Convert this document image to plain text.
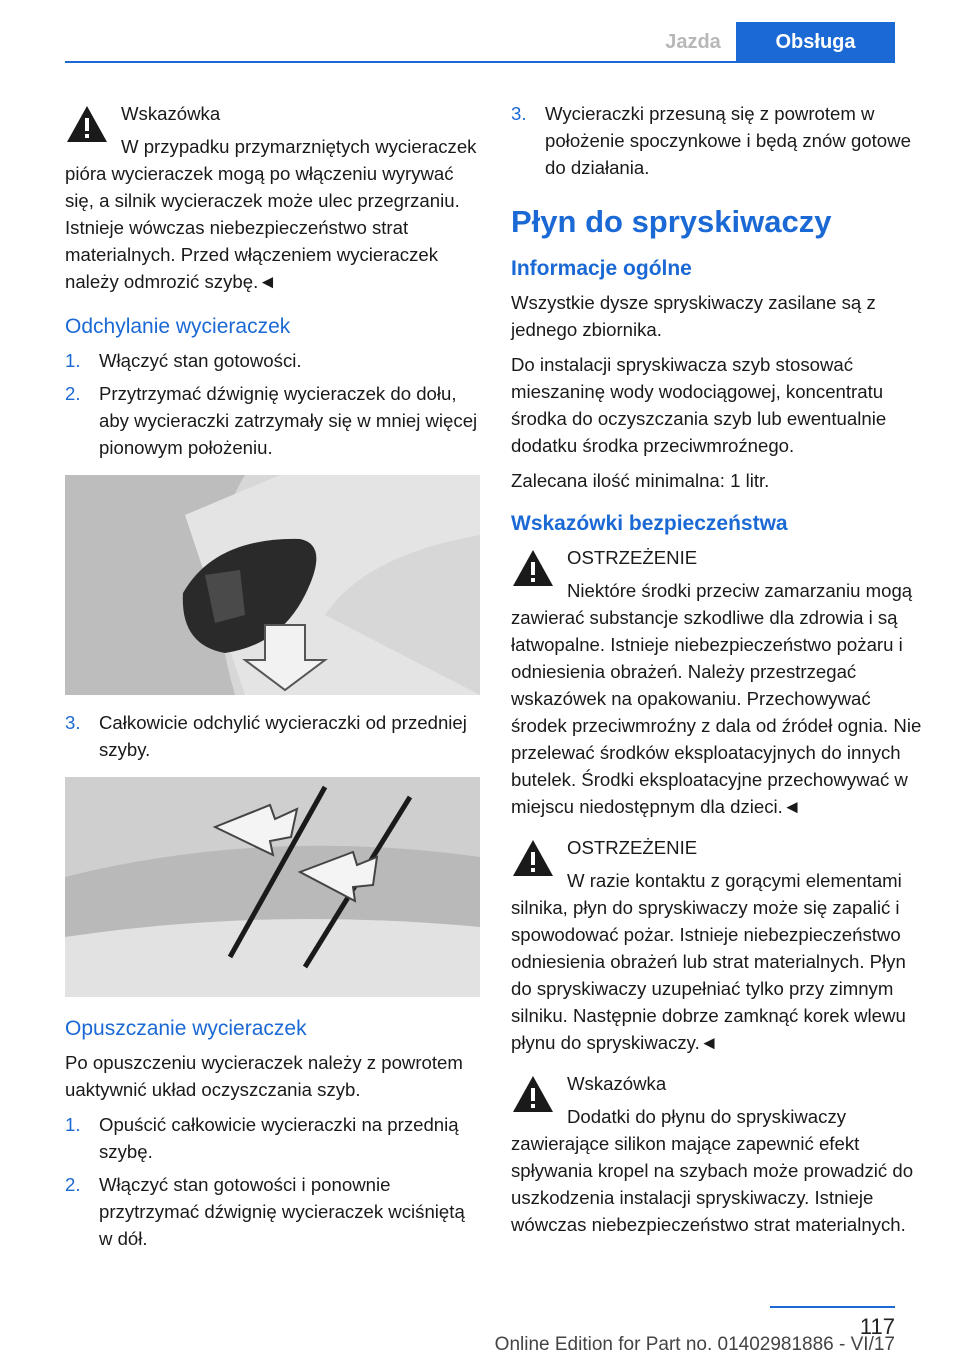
Jazda	Obsługa

Wskazówka

W przypadku przymarzniętych wycieraczek pióra wycieraczek mogą po włączeniu wyrywać się, a silnik wycieraczek może ulec przegrzaniu. Istnieje wówczas niebezpieczeństwo strat materialnych. Przed włączeniem wycieraczek należy odmrozić szybę.◄

Odchylanie wycieraczek
1. Włączyć stan gotowości.
2. Przytrzymać dźwignię wycieraczek do dołu, aby wycieraczki zatrzymały się w mniej więcej pionowym położeniu.
3. Całkowicie odchylić wycieraczki od przedniej szyby.
Opuszczanie wycieraczek

Po opuszczeniu wycieraczek należy z powrotem uaktywnić układ oczyszczania szyb.

1. Opuścić całkowicie wycieraczki na przednią szybę.
2. Włączyć stan gotowości i ponownie przytrzymać dźwignię wycieraczek wciśniętą w dół.
3. Wycieraczki przesuną się z powrotem w położenie spoczynkowe i będą znów gotowe do działania.
Płyn do spryskiwaczy
Informacje ogólne

Wszystkie dysze spryskiwaczy zasilane są z jednego zbiornika.

Do instalacji spryskiwacza szyb stosować mieszaninę wody wodociągowej, koncentratu środka do oczyszczania szyb lub ewentualnie dodatku środka przeciwmroźnego.

Zalecana ilość minimalna: 1 litr.

Wskazówki bezpieczeństwa

OSTRZEŻENIE

Niektóre środki przeciw zamarzaniu mogą zawierać substancje szkodliwe dla zdrowia i są łatwopalne. Istnieje niebezpieczeństwo pożaru i odniesienia obrażeń. Należy przestrzegać wskazówek na opakowaniu. Przechowywać środek przeciwmroźny z dala od źródeł ognia. Nie przelewać środków eksploatacyjnych do innych butelek. Środki eksploatacyjne przechowywać w miejscu niedostępnym dla dzieci.◄

OSTRZEŻENIE

W razie kontaktu z gorącymi elementami silnika, płyn do spryskiwaczy może się zapalić i spowodować pożar. Istnieje niebezpieczeństwo odniesienia obrażeń lub strat materialnych. Płyn do spryskiwaczy uzupełniać tylko przy zimnym silniku. Następnie dobrze zamknąć korek wlewu płynu do spryskiwaczy.◄

Wskazówka

Dodatki do płynu do spryskiwaczy zawierające silikon mające zapewnić efekt spływania kropel na szybach może prowadzić do uszkodzenia instalacji spryskiwaczy. Istnieje wówczas niebezpieczeństwo strat materialnych.

117
Online Edition for Part no. 01402981886 - VI/17
